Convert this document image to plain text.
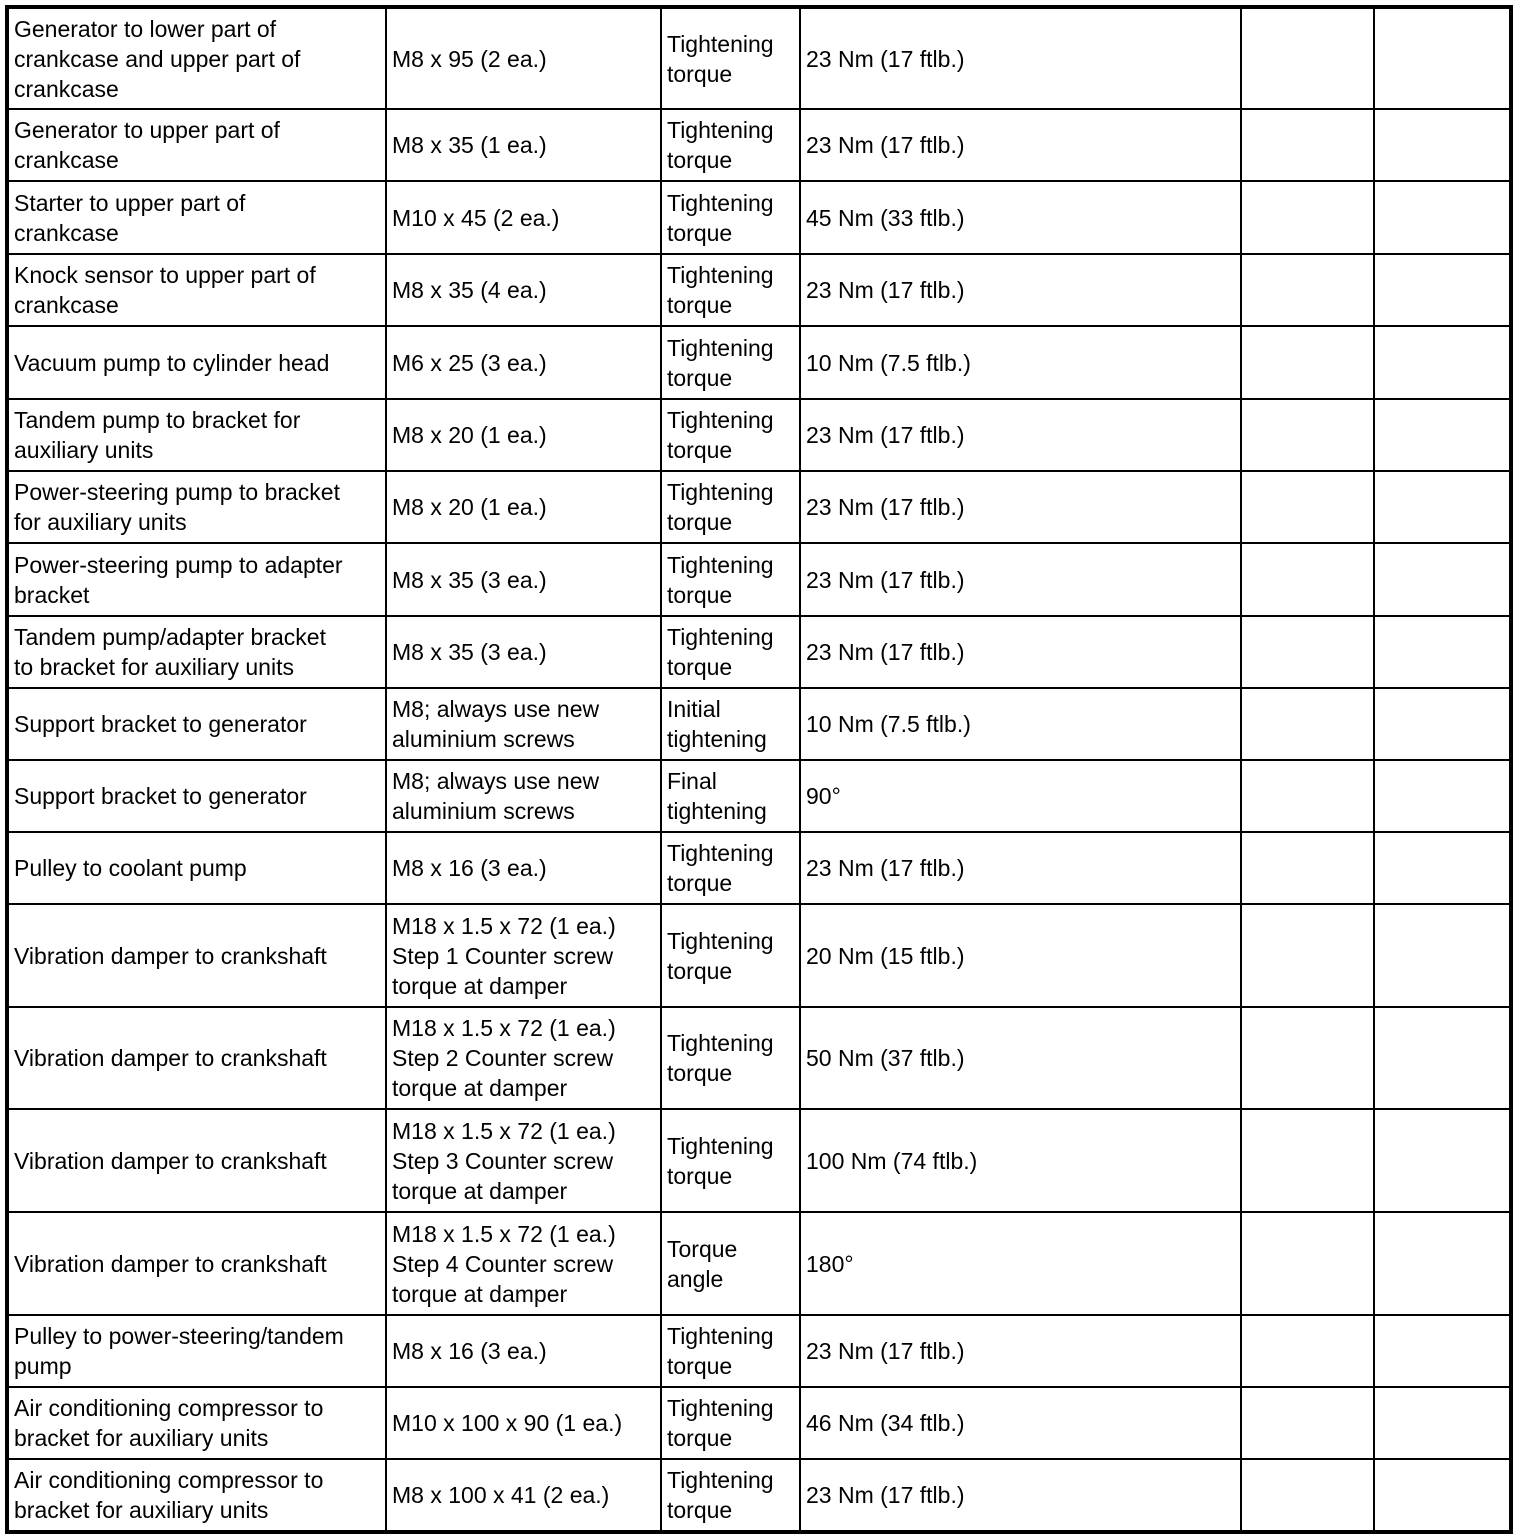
Generator to lower part of
crankcase and upper part of
crankcase	M8 x 95 (2 ea.)	Tightening
torque	23 Nm (17 ftlb.)		
Generator to upper part of
crankcase	M8 x 35 (1 ea.)	Tightening
torque	23 Nm (17 ftlb.)		
Starter to upper part of
crankcase	M10 x 45 (2 ea.)	Tightening
torque	45 Nm (33 ftlb.)		
Knock sensor to upper part of
crankcase	M8 x 35 (4 ea.)	Tightening
torque	23 Nm (17 ftlb.)		
Vacuum pump to cylinder head	M6 x 25 (3 ea.)	Tightening
torque	10 Nm (7.5 ftlb.)		
Tandem pump to bracket for
auxiliary units	M8 x 20 (1 ea.)	Tightening
torque	23 Nm (17 ftlb.)		
Power-steering pump to bracket
for auxiliary units	M8 x 20 (1 ea.)	Tightening
torque	23 Nm (17 ftlb.)		
Power-steering pump to adapter
bracket	M8 x 35 (3 ea.)	Tightening
torque	23 Nm (17 ftlb.)		
Tandem pump/adapter bracket
to bracket for auxiliary units	M8 x 35 (3 ea.)	Tightening
torque	23 Nm (17 ftlb.)		
Support bracket to generator	M8; always use new
aluminium screws	Initial
tightening	10 Nm (7.5 ftlb.)		
Support bracket to generator	M8; always use new
aluminium screws	Final
tightening	90°		
Pulley to coolant pump	M8 x 16 (3 ea.)	Tightening
torque	23 Nm (17 ftlb.)		
Vibration damper to crankshaft	M18 x 1.5 x 72 (1 ea.)
Step 1 Counter screw
torque at damper	Tightening
torque	20 Nm (15 ftlb.)		
Vibration damper to crankshaft	M18 x 1.5 x 72 (1 ea.)
Step 2 Counter screw
torque at damper	Tightening
torque	50 Nm (37 ftlb.)		
Vibration damper to crankshaft	M18 x 1.5 x 72 (1 ea.)
Step 3 Counter screw
torque at damper	Tightening
torque	100 Nm (74 ftlb.)		
Vibration damper to crankshaft	M18 x 1.5 x 72 (1 ea.)
Step 4 Counter screw
torque at damper	Torque
angle	180°		
Pulley to power-steering/tandem
pump	M8 x 16 (3 ea.)	Tightening
torque	23 Nm (17 ftlb.)		
Air conditioning compressor to
bracket for auxiliary units	M10 x 100 x 90 (1 ea.)	Tightening
torque	46 Nm (34 ftlb.)		
Air conditioning compressor to
bracket for auxiliary units	M8 x 100 x 41 (2 ea.)	Tightening
torque	23 Nm (17 ftlb.)		
